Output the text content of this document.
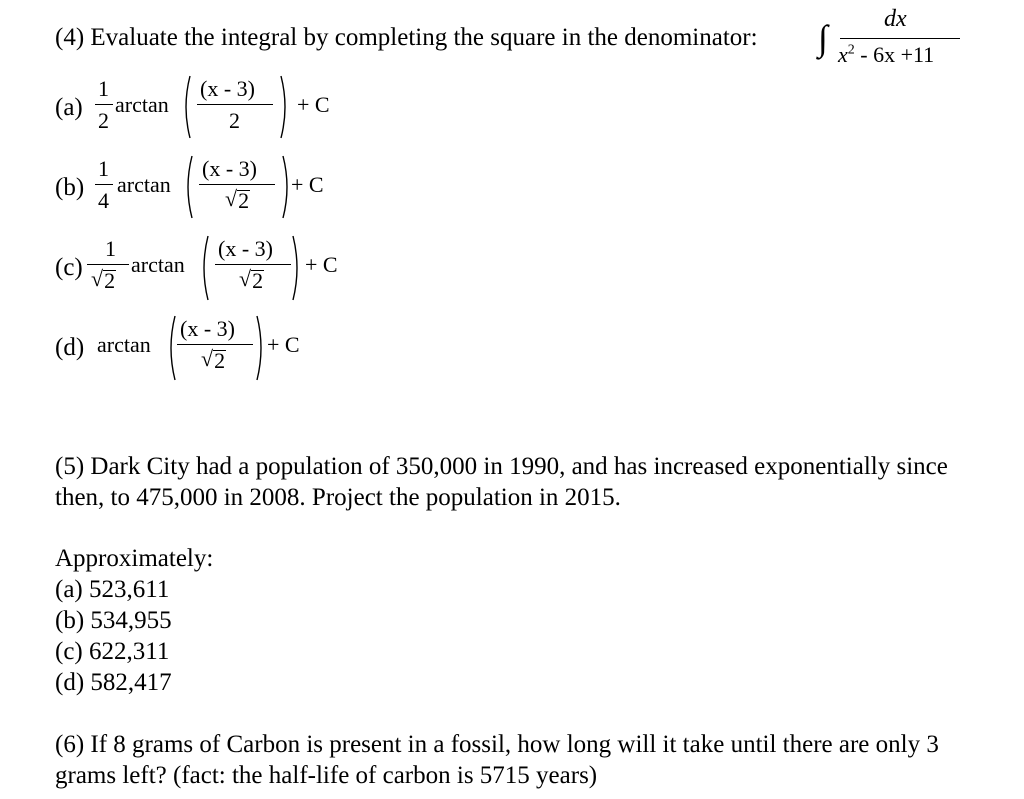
(4) Evaluate the integral by completing the square in the denominator: ∫ dx
$x^2 - 6x +11$
(a)
1
2
arctan
(x - 3)
2
+ C
(b)
1
4
arctan
(x - 3)
√ 2
+ C
(c)
1
√ 2
arctan
(x - 3)
√ 2
+ C
(d) arctan
(x - 3)
√ 2
+ C
(5) Dark City had a population of 350,000 in 1990, and has increased exponentially since
then, to 475,000 in 2008. Project the population in 2015.
Approximately:
(a) 523,611
(b) 534,955
(c) 622,311
(d) 582,417
(6) If 8 grams of Carbon is present in a fossil, how long will it take until there are only 3
grams left? (fact: the half-life of carbon is 5715 years)
